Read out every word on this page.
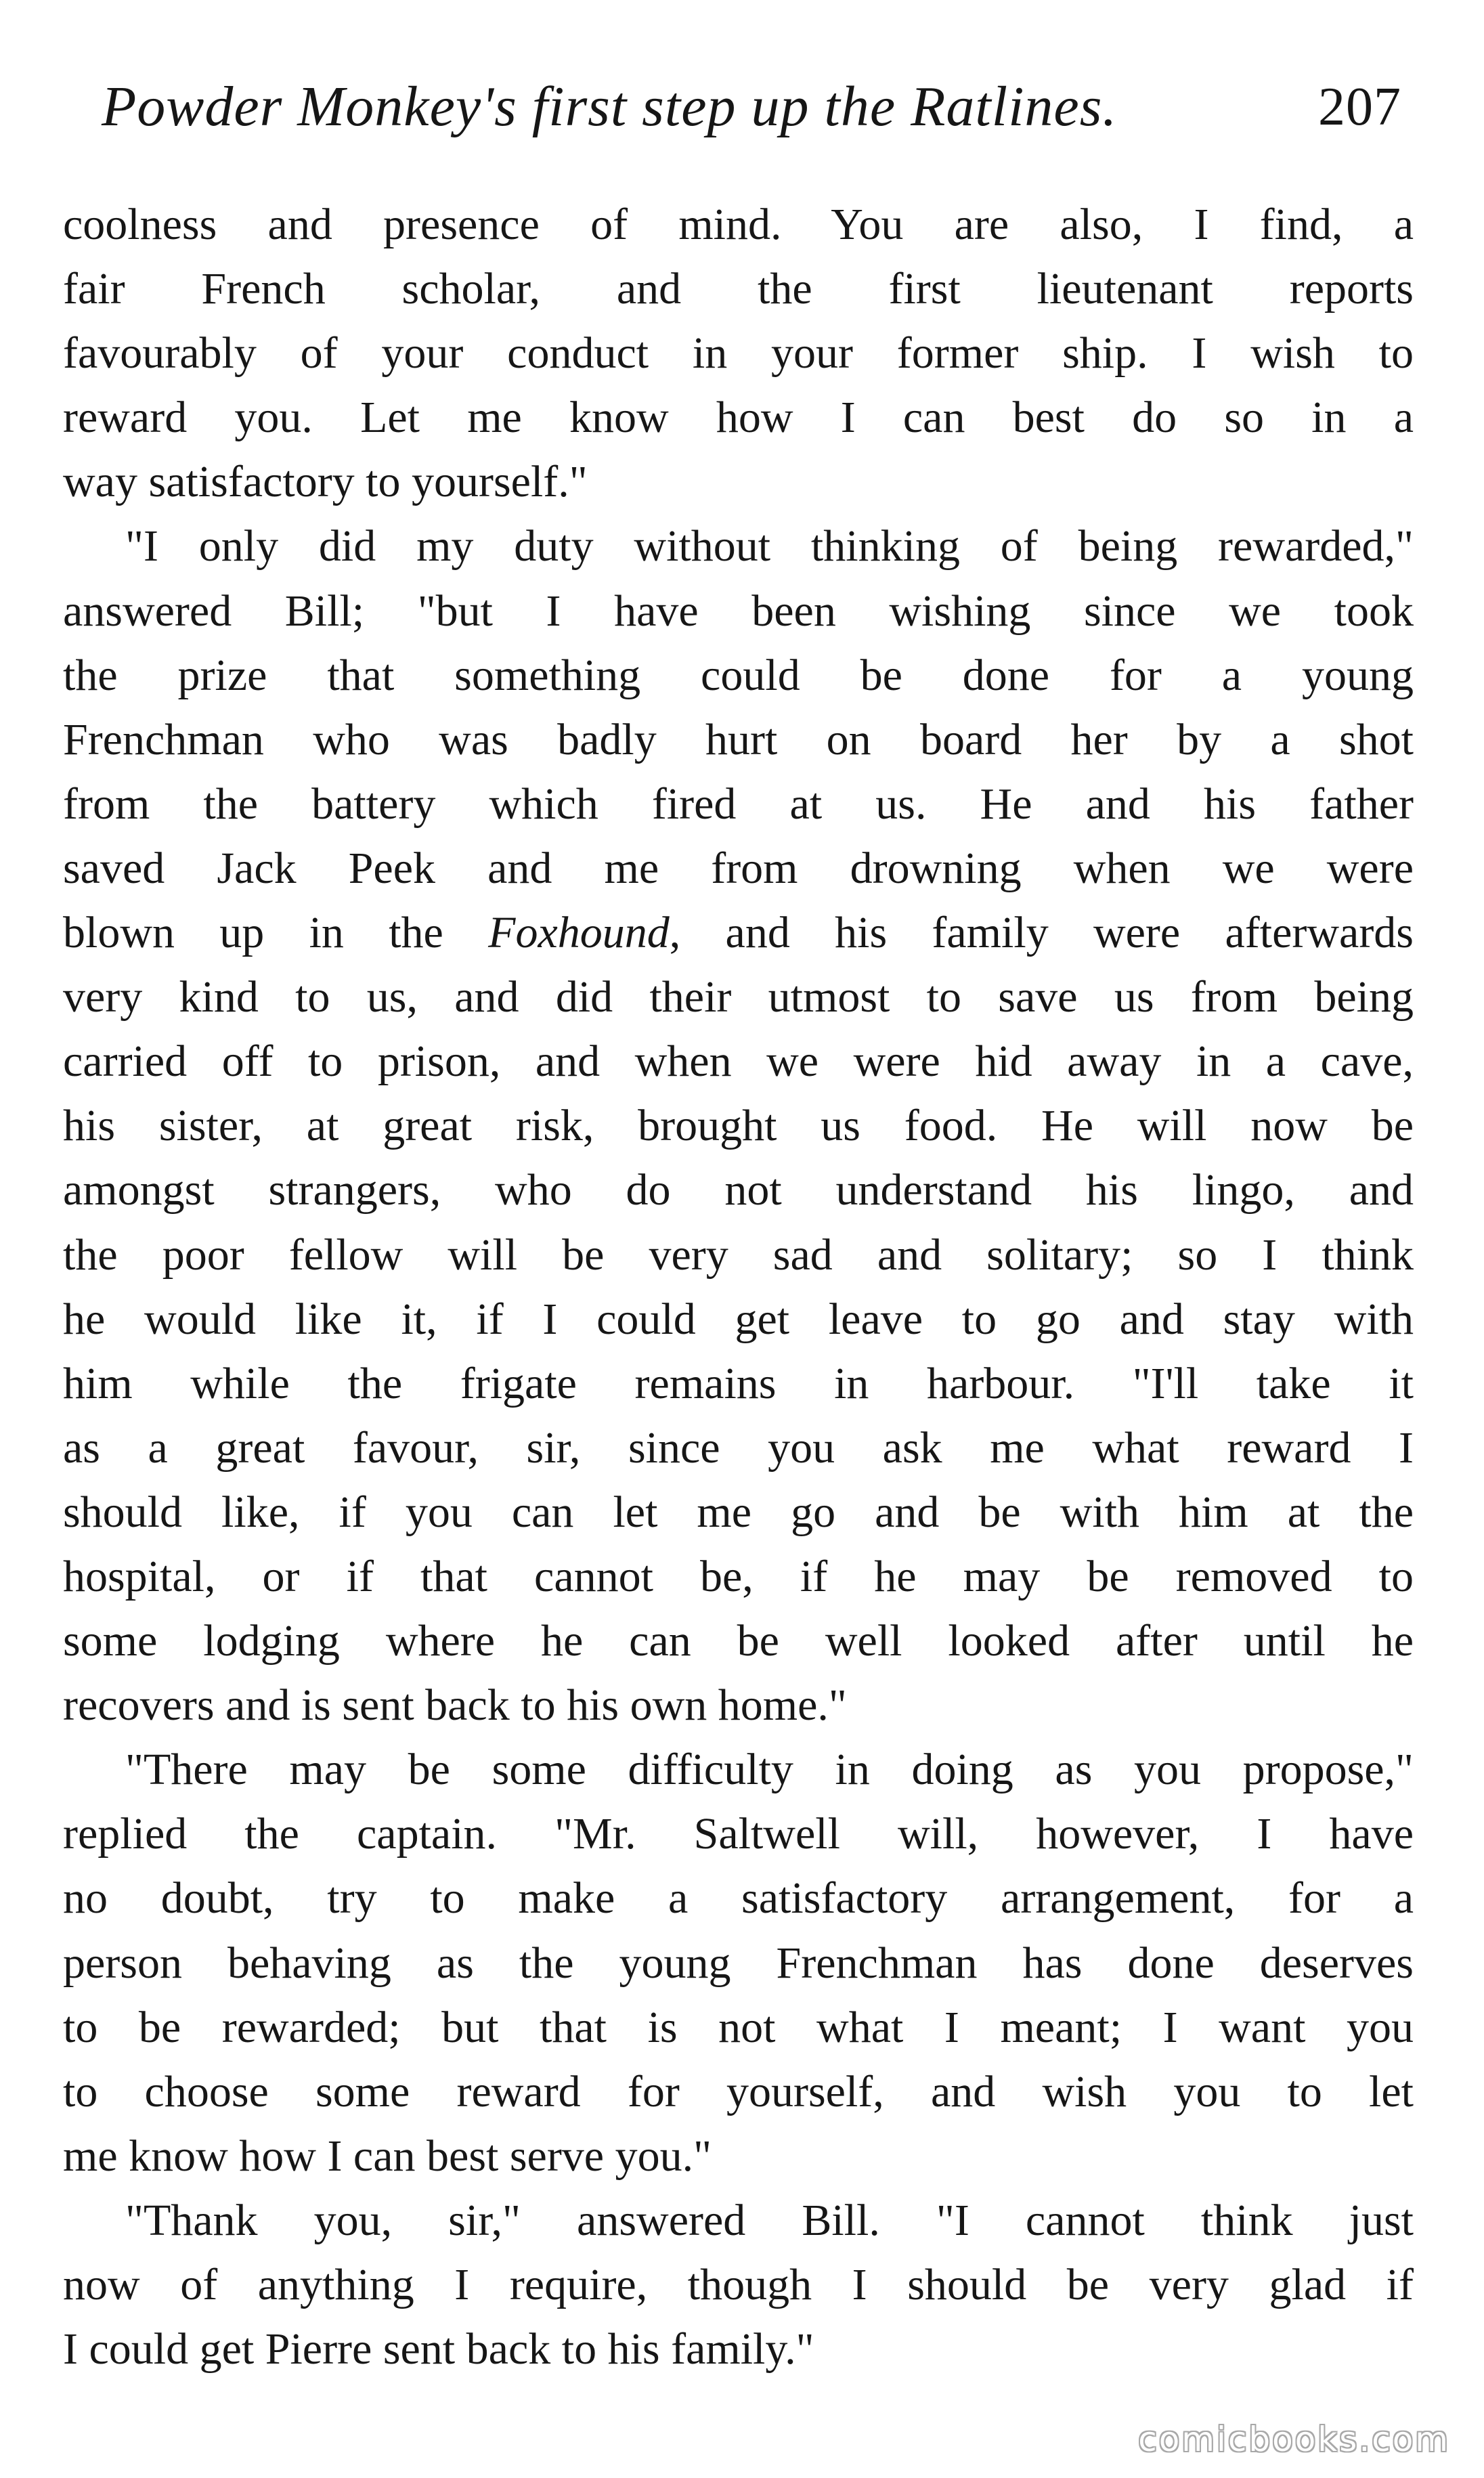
Powder Monkey's first step up the Ratlines.	207
coolness and presence of mind. You are also, I find, a
fair French scholar, and the first lieutenant reports
favourably of your conduct in your former ship. I wish to
reward you. Let me know how I can best do so in a
way satisfactory to yourself."
"I only did my duty without thinking of being rewarded,"
answered Bill; "but I have been wishing since we took
the prize that something could be done for a young
Frenchman who was badly hurt on board her by a shot
from the battery which fired at us. He and his father
saved Jack Peek and me from drowning when we were
blown up in the Foxhound, and his family were afterwards
very kind to us, and did their utmost to save us from being
carried off to prison, and when we were hid away in a cave,
his sister, at great risk, brought us food. He will now be
amongst strangers, who do not understand his lingo, and
the poor fellow will be very sad and solitary; so I think
he would like it, if I could get leave to go and stay with
him while the frigate remains in harbour. "I'll take it
as a great favour, sir, since you ask me what reward I
should like, if you can let me go and be with him at the
hospital, or if that cannot be, if he may be removed to
some lodging where he can be well looked after until he
recovers and is sent back to his own home."
"There may be some difficulty in doing as you propose,"
replied the captain. "Mr. Saltwell will, however, I have
no doubt, try to make a satisfactory arrangement, for a
person behaving as the young Frenchman has done deserves
to be rewarded; but that is not what I meant; I want you
to choose some reward for yourself, and wish you to let
me know how I can best serve you."
"Thank you, sir," answered Bill. "I cannot think just
now of anything I require, though I should be very glad if
I could get Pierre sent back to his family."
comicbooks.com
